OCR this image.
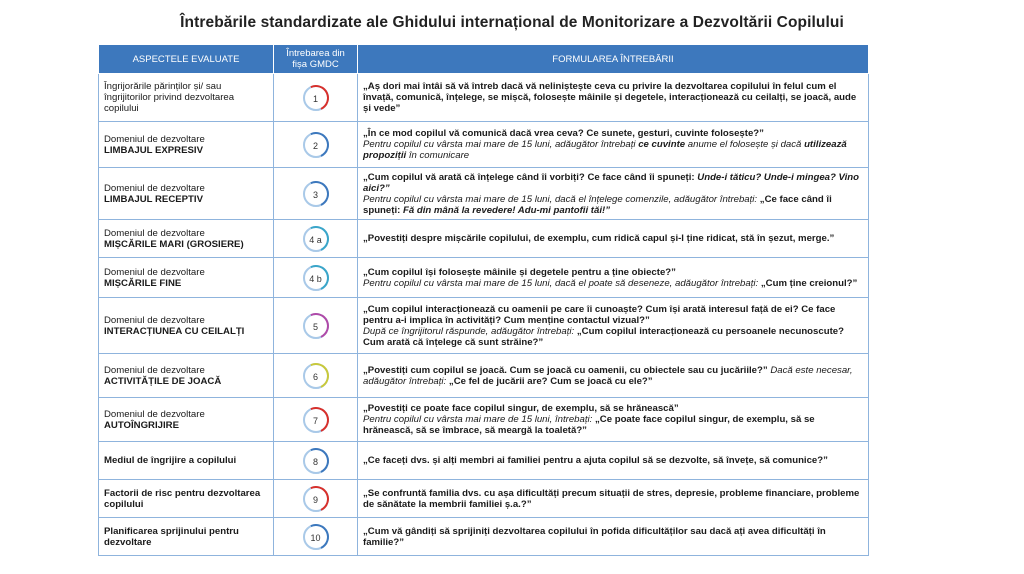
Întrebările standardizate ale Ghidului internațional de Monitorizare a Dezvoltării Copilului
ASPECTELE EVALUATE	Întrebarea din fișa GMDC	FORMULAREA ÎNTREBĂRII

Îngrijorările părinților și/ sau îngrijitorilor privind dezvoltarea copilului	1	„Aș dori mai întâi să vă întreb dacă vă neliniștește ceva cu privire la dezvoltarea copilului în felul cum el învață, comunică, înțelege, se mișcă, folosește mâinile și degetele, interacționează cu ceilalți, se joacă, aude și vede”

Domeniul de dezvoltare
LIMBAJUL EXPRESIV	2	„În ce mod copilul vă comunică dacă vrea ceva? Ce sunete, gesturi, cuvinte folosește?”
Pentru copilul cu vârsta mai mare de 15 luni, adăugător întrebați ce cuvinte anume el folosește și dacă utilizează propoziții în comunicare

Domeniul de dezvoltare
LIMBAJUL RECEPTIV	3	„Cum copilul vă arată că înțelege când îi vorbiți? Ce face când îi spuneți: Unde-i tăticu? Unde-i mingea? Vino aici?”
Pentru copilul cu vârsta mai mare de 15 luni, dacă el înțelege comenzile, adăugător întrebați: „Ce face când îi spuneți: Fă din mână la revedere! Adu-mi pantofii tăi!”

Domeniul de dezvoltare
MIȘCĂRILE MARI (GROSIERE)	4 a	„Povestiți despre mișcările copilului, de exemplu, cum ridică capul și-l ține ridicat, stă în șezut, merge.”

Domeniul de dezvoltare
MIȘCĂRILE FINE	4 b	„Cum copilul își folosește mâinile și degetele pentru a ține obiecte?”
Pentru copilul cu vârsta mai mare de 15 luni, dacă el poate să deseneze, adăugător întrebați: „Cum ține creionul?”

Domeniul de dezvoltare
INTERACȚIUNEA CU CEILALȚI	5	„Cum copilul interacționează cu oamenii pe care îi cunoaște? Cum își arată interesul față de ei? Ce face pentru a-i implica în activități? Cum menține contactul vizual?”
După ce îngrijitorul răspunde, adăugător întrebați: „Cum copilul interacționează cu persoanele necunoscute? Cum arată că înțelege că sunt străine?”

Domeniul de dezvoltare
ACTIVITĂȚILE DE JOACĂ	6	„Povestiți cum copilul se joacă. Cum se joacă cu oamenii, cu obiectele sau cu jucăriile?” Dacă este necesar, adăugător întrebați: „Ce fel de jucării are? Cum se joacă cu ele?”

Domeniul de dezvoltare
AUTOÎNGRIJIRE	7	„Povestiți ce poate face copilul singur, de exemplu, să se hrănească”
Pentru copilul cu vârsta mai mare de 15 luni, întrebați: „Ce poate face copilul singur, de exemplu, să se hrănească, să se îmbrace, să meargă la toaletă?”

Mediul de îngrijire a copilului	8	„Ce faceți dvs. și alți membri ai familiei pentru a ajuta copilul să se dezvolte, să învețe, să comunice?”

Factorii de risc pentru dezvoltarea copilului	9	„Se confruntă familia dvs. cu așa dificultăți precum situații de stres, depresie, probleme financiare, probleme de sănătate la membrii familiei ș.a.?”

Planificarea sprijinului pentru dezvoltare	10	„Cum vă gândiți să sprijiniți dezvoltarea copilului în pofida dificultăților sau dacă ați avea dificultăți în familie?”
